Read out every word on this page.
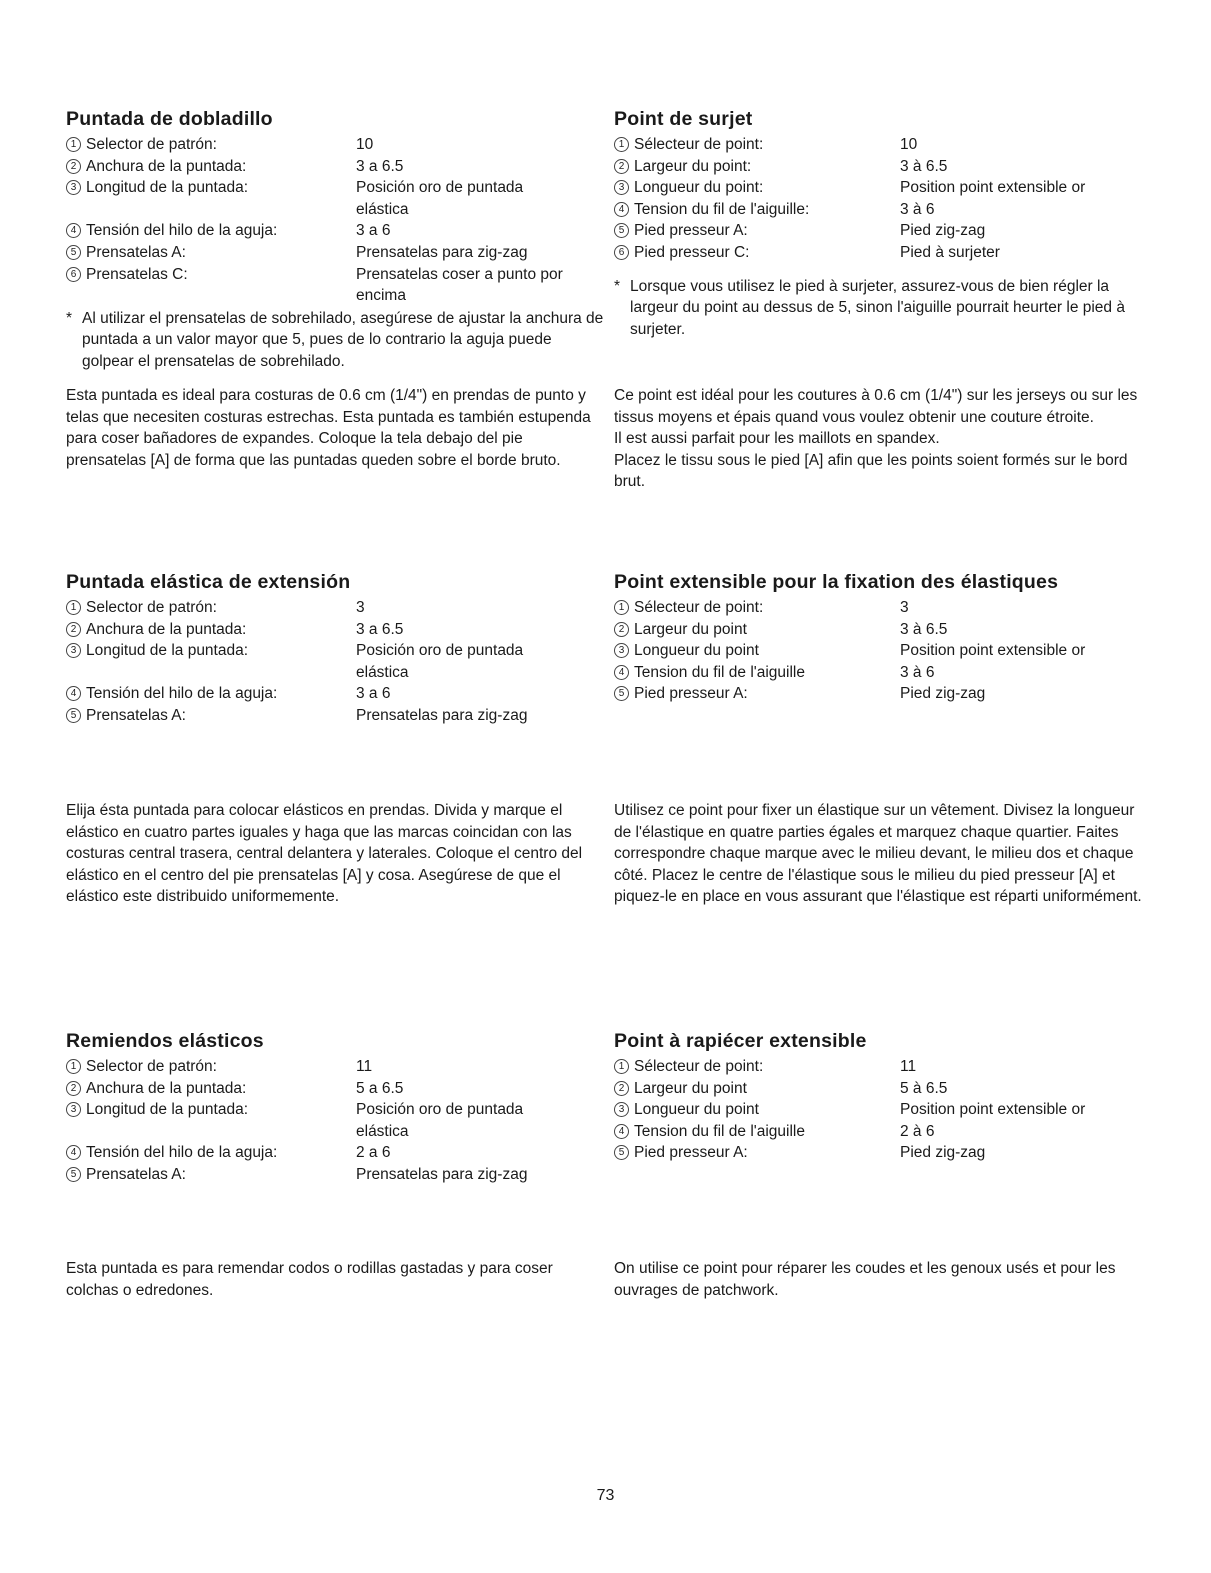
Puntada de dobladillo
1 Selector de patrón:	10
2 Anchura de la puntada:	3 a 6.5
3 Longitud de la puntada:	Posición oro de puntada elástica
4 Tensión del hilo de la aguja:	3 a 6
5 Prensatelas A:	Prensatelas para zig-zag
6 Prensatelas C:	Prensatelas coser a punto por encima
* Al utilizar el prensatelas de sobrehilado, asegúrese de ajustar la anchura de puntada a un valor mayor que 5, pues de lo contrario la aguja puede golpear el prensatelas de sobrehilado.
Point de surjet
1 Sélecteur de point:	10
2 Largeur du point:	3 à 6.5
3 Longueur du point:	Position point extensible or
4 Tension du fil de l'aiguille:	3 à 6
5 Pied presseur A:	Pied zig-zag
6 Pied presseur C:	Pied à surjeter
* Lorsque vous utilisez le pied à surjeter, assurez-vous de bien régler la largeur du point au dessus de 5, sinon l'aiguille pourrait heurter le pied à surjeter.

Esta puntada es ideal para costuras de 0.6 cm (1/4") en prendas de punto y telas que necesiten costuras estrechas. Esta puntada es también estupenda para coser bañadores de expandes. Coloque la tela debajo del pie prensatelas [A] de forma que las puntadas queden sobre el borde bruto.

Ce point est idéal pour les coutures à 0.6 cm (1/4") sur les jerseys ou sur les tissus moyens et épais quand vous voulez obtenir une couture étroite.
Il est aussi parfait pour les maillots en spandex.
Placez le tissu sous le pied [A] afin que les points soient formés sur le bord brut.

Puntada elástica de extensión
1 Selector de patrón:	3
2 Anchura de la puntada:	3 a 6.5
3 Longitud de la puntada:	Posición oro de puntada elástica
4 Tensión del hilo de la aguja:	3 a 6
5 Prensatelas A:	Prensatelas para zig-zag
Point extensible pour la fixation des élastiques
1 Sélecteur de point:	3
2 Largeur du point	3 à 6.5
3 Longueur du point	Position point extensible or
4 Tension du fil de l'aiguille	3 à 6
5 Pied presseur A:	Pied zig-zag

Elija ésta puntada para colocar elásticos en prendas. Divida y marque el elástico en cuatro partes iguales y haga que las marcas coincidan con las costuras central trasera, central delantera y laterales. Coloque el centro del elástico en el centro del pie prensatelas [A] y cosa. Asegúrese de que el elástico este distribuido uniformemente.

Utilisez ce point pour fixer un élastique sur un vêtement. Divisez la longueur de l'élastique en quatre parties égales et marquez chaque quartier. Faites correspondre chaque marque avec le milieu devant, le milieu dos et chaque côté. Placez le centre de l'élastique sous le milieu du pied presseur [A] et piquez-le en place en vous assurant que l'élastique est réparti uniformément.

Remiendos elásticos
1 Selector de patrón:	11
2 Anchura de la puntada:	5 a 6.5
3 Longitud de la puntada:	Posición oro de puntada elástica
4 Tensión del hilo de la aguja:	2 a 6
5 Prensatelas A:	Prensatelas para zig-zag
Point à rapiécer extensible
1 Sélecteur de point:	11
2 Largeur du point	5 à 6.5
3 Longueur du point	Position point extensible or
4 Tension du fil de l'aiguille	2 à 6
5 Pied presseur A:	Pied zig-zag

Esta puntada es para remendar codos o rodillas gastadas y para coser colchas o edredones.

On utilise ce point pour réparer les coudes et les genoux usés et pour les ouvrages de patchwork.

73
